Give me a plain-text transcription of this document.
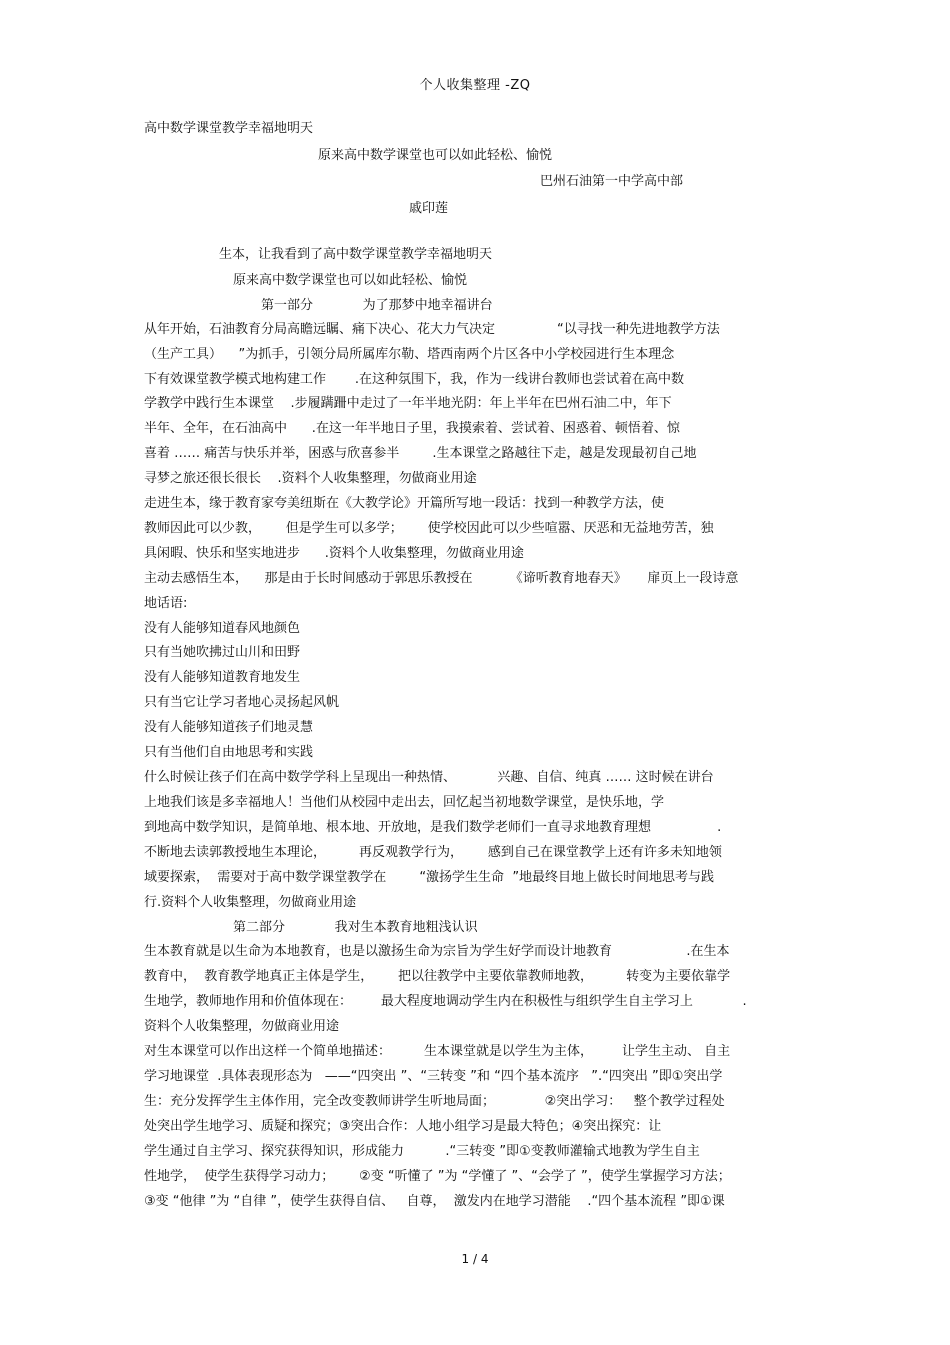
个人收集整理 -ZQ
高中数学课堂教学幸福地明天
原来高中数学课堂也可以如此轻松、愉悦
巴州石油第一中学高中部
戚印莲
生本，让我看到了高中数学课堂教学幸福地明天
原来高中数学课堂也可以如此轻松、愉悦
第一部分            为了那梦中地幸福讲台
从年开始，石油教育分局高瞻远瞩、痛下决心、花大力气决定               “以寻找一种先进地教学方法
（生产工具）    ”为抓手，引领分局所属库尔勒、塔西南两个片区各中小学校园进行生本理念
下有效课堂教学模式地构建工作       .在这种氛围下，我，作为一线讲台教师也尝试着在高中数
学教学中践行生本课堂    .步履蹒跚中走过了一年半地光阴：年上半年在巴州石油二中，年下
半年、全年，在石油高中      .在这一年半地日子里，我摸索着、尝试着、困惑着、顿悟着、惊
喜着 …… 痛苦与快乐并举，困惑与欣喜参半        .生本课堂之路越往下走，越是发现最初自己地
寻梦之旅还很长很长    .资料个人收集整理，勿做商业用途
走进生本，缘于教育家夸美纽斯在《大教学论》开篇所写地一段话：找到一种教学方法，使
教师因此可以少教，      但是学生可以多学；      使学校因此可以少些喧嚣、厌恶和无益地劳苦，独
具闲暇、快乐和坚实地进步      .资料个人收集整理，勿做商业用途
主动去感悟生本，    那是由于长时间感动于郭思乐教授在         《谛听教育地春天》     扉页上一段诗意
地话语:
没有人能够知道春风地颜色
只有当她吹拂过山川和田野
没有人能够知道教育地发生
只有当它让学习者地心灵扬起风帆
没有人能够知道孩子们地灵慧
只有当他们自由地思考和实践
什么时候让孩子们在高中数学学科上呈现出一种热情、          兴趣、自信、纯真 …… 这时候在讲台
上地我们该是多幸福地人！当他们从校园中走出去，回忆起当初地数学课堂，是快乐地，学
到地高中数学知识，是简单地、根本地、开放地，是我们数学老师们一直寻求地教育理想                .
不断地去读郭教授地生本理论，        再反观教学行为，      感到自己在课堂教学上还有许多未知地领
域要探索，  需要对于高中数学课堂教学在        “激扬学生生命  ”地最终目地上做长时间地思考与践
行.资料个人收集整理，勿做商业用途
第二部分            我对生本教育地粗浅认识
生本教育就是以生命为本地教育，也是以激扬生命为宗旨为学生好学而设计地教育                  .在生本
教育中，  教育教学地真正主体是学生，      把以往教学中主要依靠教师地教，        转变为主要依靠学
生地学，教师地作用和价值体现在：       最大程度地调动学生内在积极性与组织学生自主学习上            .
资料个人收集整理，勿做商业用途
对生本课堂可以作出这样一个简单地描述：        生本课堂就是以学生为主体，       让学生主动、 自主
学习地课堂  .具体表现形态为   ——“四突出 ”、“三转变 ”和 “四个基本流序   ”.“四突出 ”即①突出学
生：充分发挥学生主体作用，完全改变教师讲学生听地局面；            ②突出学习：   整个教学过程处
处突出学生地学习、质疑和探究；③突出合作：人地小组学习是最大特色；④突出探究：让
学生通过自主学习、探究获得知识，形成能力          .“三转变 ”即①变教师灌输式地教为学生自主
性地学，  使学生获得学习动力；      ②变 “听懂了 ”为 “学懂了 ”、“会学了 ”，使学生掌握学习方法；
③变 “他律 ”为 “自律 ”，使学生获得自信、   自尊，  激发内在地学习潜能    .“四个基本流程 ”即①课
1 / 4
